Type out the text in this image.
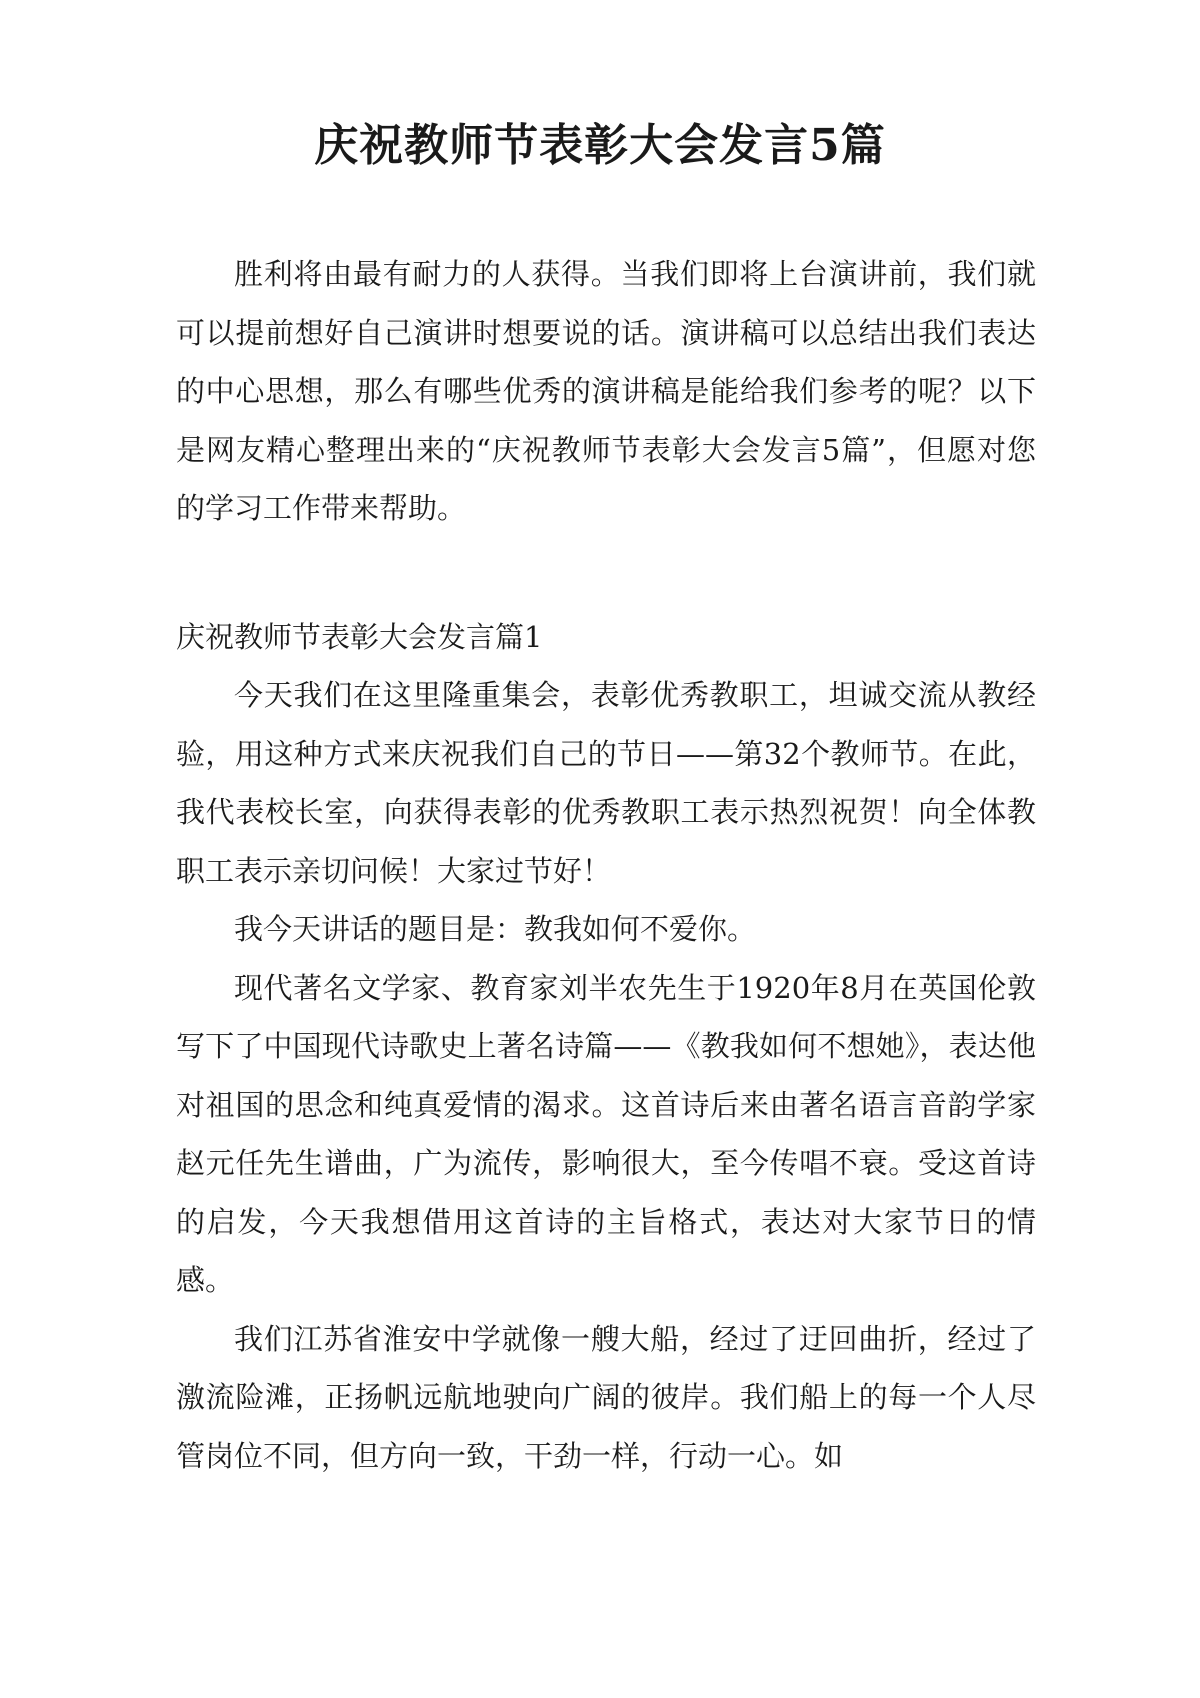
庆祝教师节表彰大会发言5篇

胜利将由最有耐力的人获得。当我们即将上台演讲前，我们就可以提前想好自己演讲时想要说的话。演讲稿可以总结出我们表达的中心思想，那么有哪些优秀的演讲稿是能给我们参考的呢？以下是网友精心整理出来的“庆祝教师节表彰大会发言5篇”，但愿对您的学习工作带来帮助。

庆祝教师节表彰大会发言篇1

今天我们在这里隆重集会，表彰优秀教职工，坦诚交流从教经验，用这种方式来庆祝我们自己的节日——第32个教师节。在此，我代表校长室，向获得表彰的优秀教职工表示热烈祝贺！向全体教职工表示亲切问候！大家过节好！

我今天讲话的题目是：教我如何不爱你。

现代著名文学家、教育家刘半农先生于1920年8月在英国伦敦写下了中国现代诗歌史上著名诗篇——《教我如何不想她》，表达他对祖国的思念和纯真爱情的渴求。这首诗后来由著名语言音韵学家赵元任先生谱曲，广为流传，影响很大，至今传唱不衰。受这首诗的启发，今天我想借用这首诗的主旨格式，表达对大家节日的情感。

我们江苏省淮安中学就像一艘大船，经过了迂回曲折，经过了激流险滩，正扬帆远航地驶向广阔的彼岸。我们船上的每一个人尽管岗位不同，但方向一致，干劲一样，行动一心。如
